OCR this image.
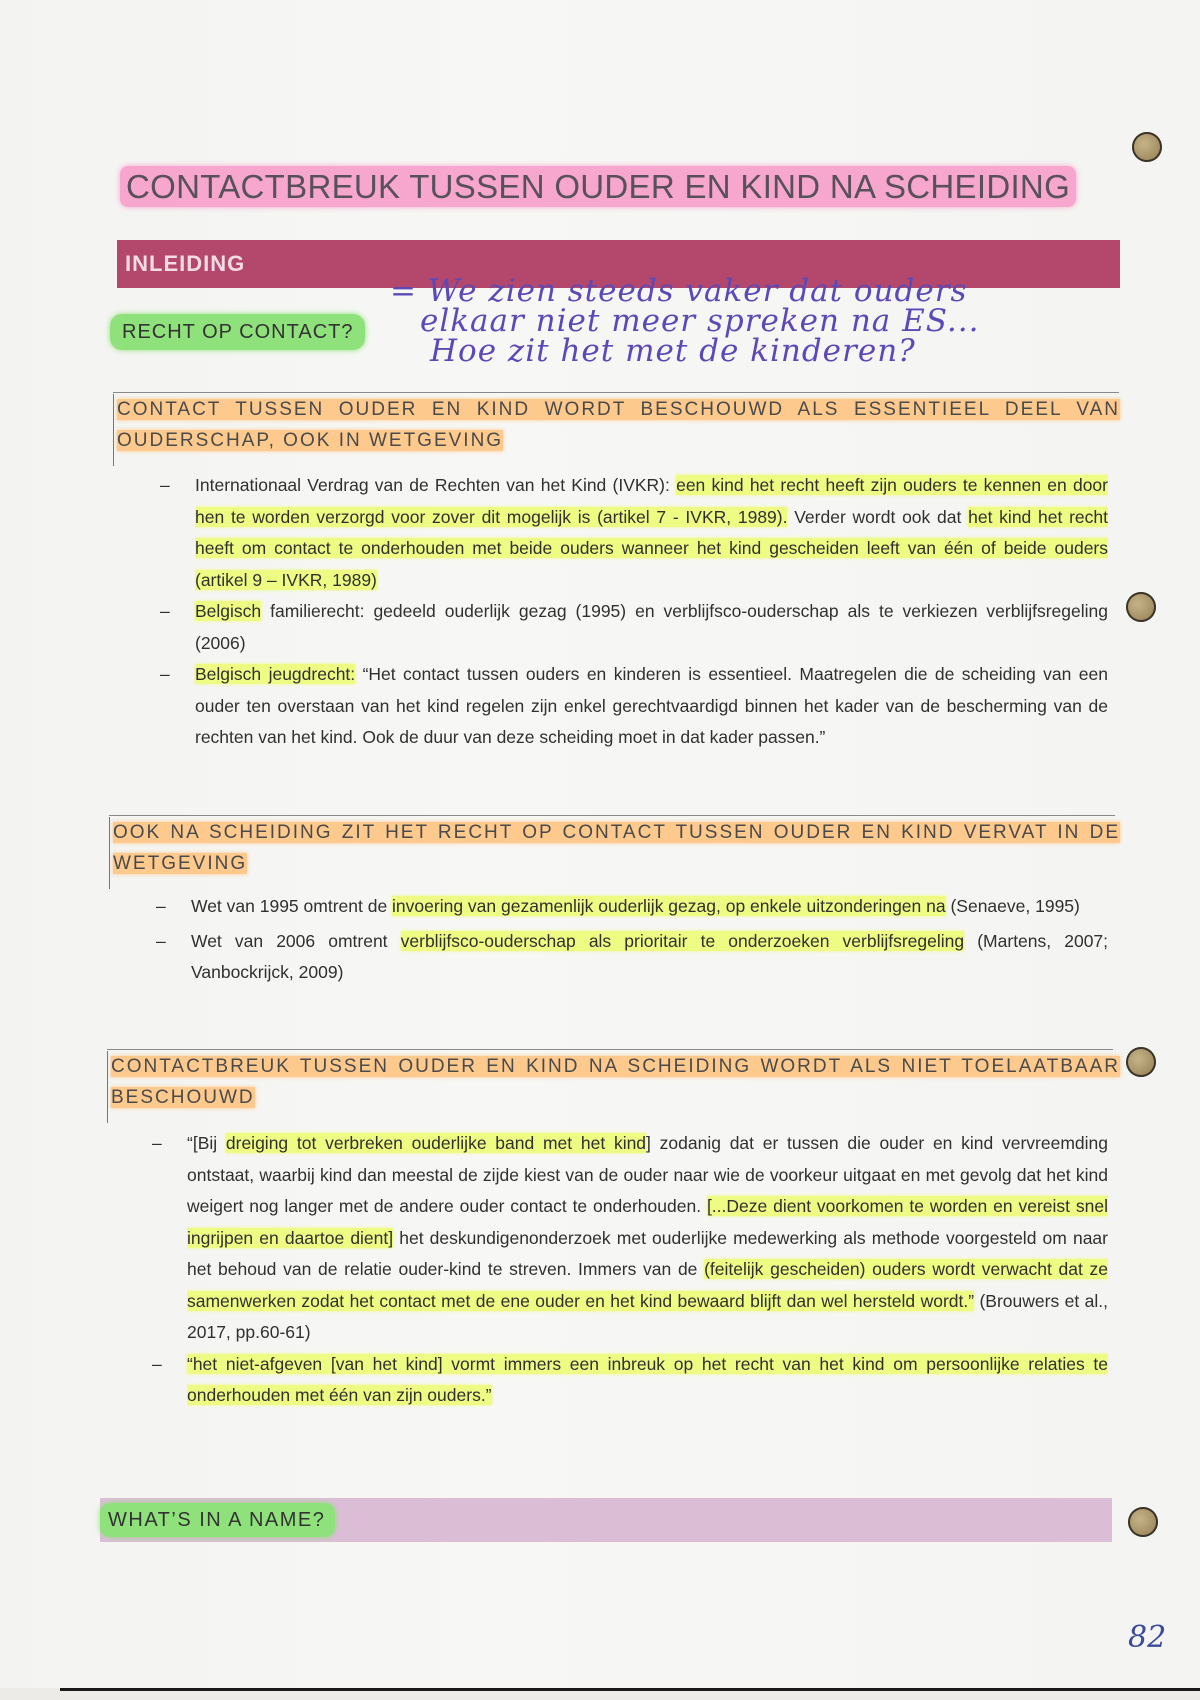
CONTACTBREUK TUSSEN OUDER EN KIND NA SCHEIDING
INLEIDING
RECHT OP CONTACT?
= We zien steeds vaker dat ouders
elkaar niet meer spreken na ES...
Hoe zit het met de kinderen?
CONTACT TUSSEN OUDER EN KIND WORDT BESCHOUWD ALS ESSENTIEEL DEEL VAN
OUDERSCHAP, OOK IN WETGEVING
– Internationaal Verdrag van de Rechten van het Kind (IVKR): een kind het recht heeft zijn ouders te kennen en door hen te worden verzorgd voor zover dit mogelijk is (artikel 7 - IVKR, 1989). Verder wordt ook dat het kind het recht heeft om contact te onderhouden met beide ouders wanneer het kind gescheiden leeft van één of beide ouders (artikel 9 – IVKR, 1989)
– Belgisch familierecht: gedeeld ouderlijk gezag (1995) en verblijfsco-ouderschap als te verkiezen verblijfsregeling (2006)
– Belgisch jeugdrecht: “Het contact tussen ouders en kinderen is essentieel. Maatregelen die de scheiding van een ouder ten overstaan van het kind regelen zijn enkel gerechtvaardigd binnen het kader van de bescherming van de rechten van het kind. Ook de duur van deze scheiding moet in dat kader passen.”
OOK NA SCHEIDING ZIT HET RECHT OP CONTACT TUSSEN OUDER EN KIND VERVAT IN DE
WETGEVING
– Wet van 1995 omtrent de invoering van gezamenlijk ouderlijk gezag, op enkele uitzonderingen na (Senaeve, 1995)
– Wet van 2006 omtrent verblijfsco-ouderschap als prioritair te onderzoeken verblijfsregeling (Martens, 2007; Vanbockrijck, 2009)
CONTACTBREUK TUSSEN OUDER EN KIND NA SCHEIDING WORDT ALS NIET TOELAATBAAR
BESCHOUWD
– “[Bij dreiging tot verbreken ouderlijke band met het kind] zodanig dat er tussen die ouder en kind vervreemding ontstaat, waarbij kind dan meestal de zijde kiest van de ouder naar wie de voorkeur uitgaat en met gevolg dat het kind weigert nog langer met de andere ouder contact te onderhouden. [...Deze dient voorkomen te worden en vereist snel ingrijpen en daartoe dient] het deskundigenonderzoek met ouderlijke medewerking als methode voorgesteld om naar het behoud van de relatie ouder-kind te streven. Immers van de (feitelijk gescheiden) ouders wordt verwacht dat ze samenwerken zodat het contact met de ene ouder en het kind bewaard blijft dan wel hersteld wordt.” (Brouwers et al., 2017, pp.60-61)
– “het niet-afgeven [van het kind] vormt immers een inbreuk op het recht van het kind om persoonlijke relaties te onderhouden met één van zijn ouders.”
WHAT’S IN A NAME?
82
